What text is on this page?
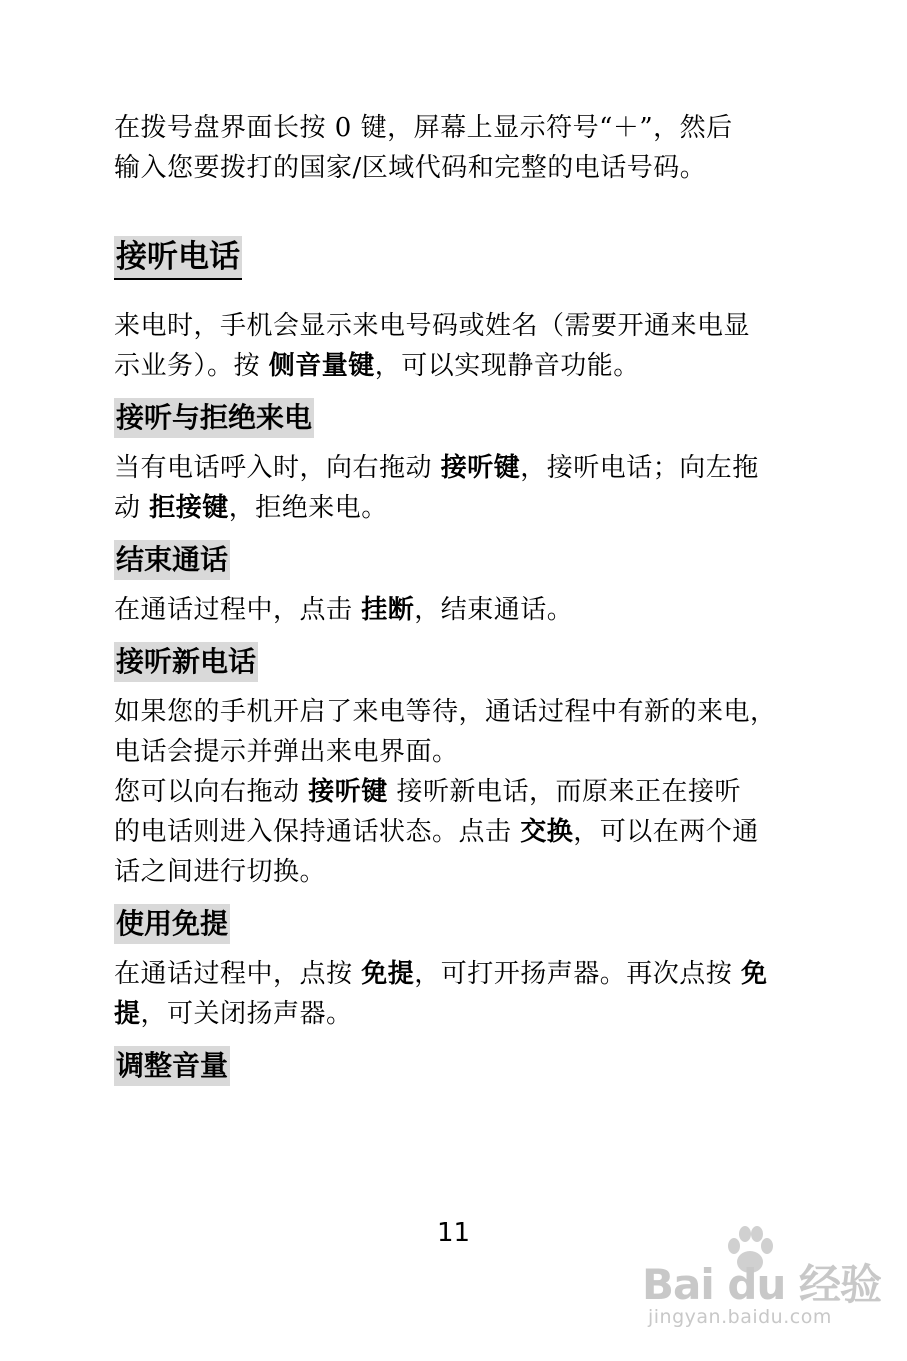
在拨号盘界面长按 0 键，屏幕上显示符号“＋”，然后
输入您要拨打的国家/区域代码和完整的电话号码。

接听电话

来电时，手机会显示来电号码或姓名（需要开通来电显
示业务）。按 侧音量键，可以实现静音功能。

接听与拒绝来电

当有电话呼入时，向右拖动 接听键，接听电话；向左拖
动 拒接键，拒绝来电。

结束通话

在通话过程中，点击 挂断，结束通话。

接听新电话

如果您的手机开启了来电等待，通话过程中有新的来电，
电话会提示并弹出来电界面。
您可以向右拖动 接听键 接听新电话，而原来正在接听
的电话则进入保持通话状态。点击 交换，可以在两个通
话之间进行切换。

使用免提

在通话过程中，点按 免提，可打开扬声器。再次点按 免
提，可关闭扬声器。

调整音量
11
Bai du 经验
jingyan.baidu.com
